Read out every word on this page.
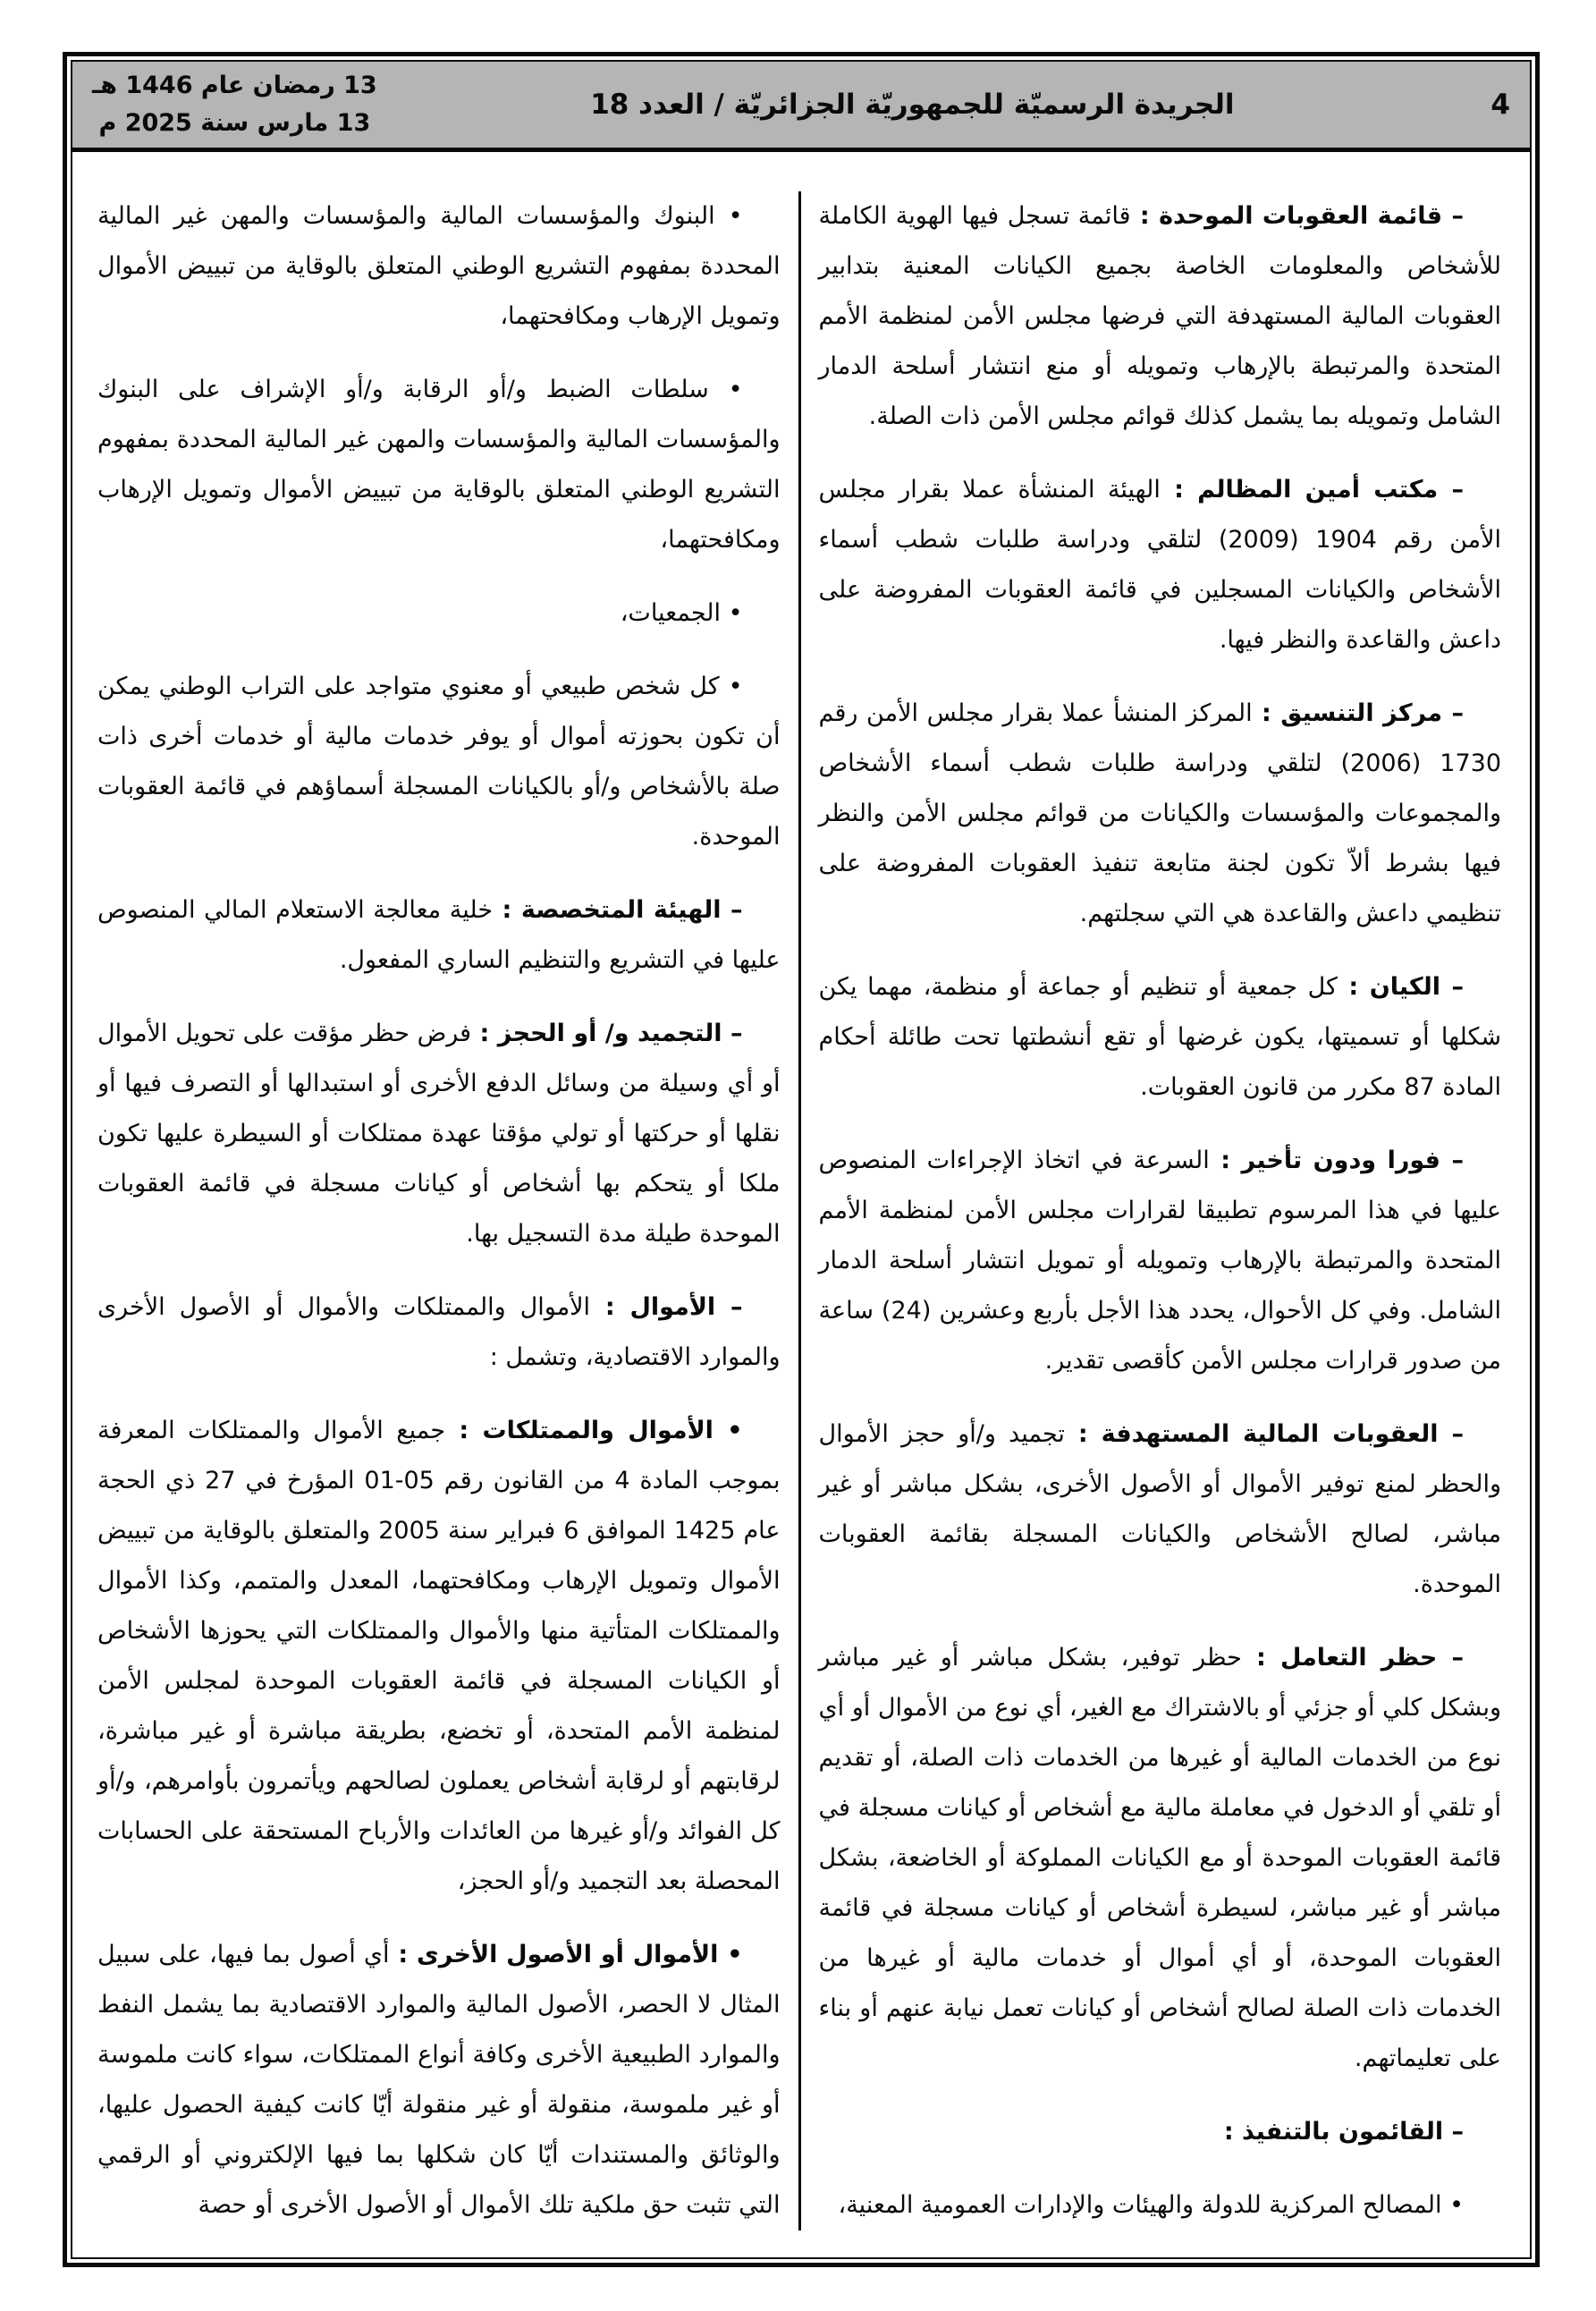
4
الجريدة الرسميّة للجمهوريّة الجزائريّة / العدد 18
13 رمضان عام 1446 هـ
13 مارس سنة 2025 م

– قائمة العقوبات الموحدة : قائمة تسجل فيها الهوية الكاملة للأشخاص والمعلومات الخاصة بجميع الكيانات المعنية بتدابير العقوبات المالية المستهدفة التي فرضها مجلس الأمن لمنظمة الأمم المتحدة والمرتبطة بالإرهاب وتمويله أو منع انتشار أسلحة الدمار الشامل وتمويله بما يشمل كذلك قوائم مجلس الأمن ذات الصلة.

– مكتب أمين المظالم : الهيئة المنشأة عملا بقرار مجلس الأمن رقم 1904 (2009) لتلقي ودراسة طلبات شطب أسماء الأشخاص والكيانات المسجلين في قائمة العقوبات المفروضة على داعش والقاعدة والنظر فيها.

– مركز التنسيق : المركز المنشأ عملا بقرار مجلس الأمن رقم 1730 (2006) لتلقي ودراسة طلبات شطب أسماء الأشخاص والمجموعات والمؤسسات والكيانات من قوائم مجلس الأمن والنظر فيها بشرط ألاّ تكون لجنة متابعة تنفيذ العقوبات المفروضة على تنظيمي داعش والقاعدة هي التي سجلتهم.

– الكيان : كل جمعية أو تنظيم أو جماعة أو منظمة، مهما يكن شكلها أو تسميتها، يكون غرضها أو تقع أنشطتها تحت طائلة أحكام المادة 87 مكرر من قانون العقوبات.

– فورا ودون تأخير : السرعة في اتخاذ الإجراءات المنصوص عليها في هذا المرسوم تطبيقا لقرارات مجلس الأمن لمنظمة الأمم المتحدة والمرتبطة بالإرهاب وتمويله أو تمويل انتشار أسلحة الدمار الشامل. وفي كل الأحوال، يحدد هذا الأجل بأربع وعشرين (24) ساعة من صدور قرارات مجلس الأمن كأقصى تقدير.

– العقوبات المالية المستهدفة : تجميد و/أو حجز الأموال والحظر لمنع توفير الأموال أو الأصول الأخرى، بشكل مباشر أو غير مباشر، لصالح الأشخاص والكيانات المسجلة بقائمة العقوبات الموحدة.

– حظر التعامل : حظر توفير، بشكل مباشر أو غير مباشر وبشكل كلي أو جزئي أو بالاشتراك مع الغير، أي نوع من الأموال أو أي نوع من الخدمات المالية أو غيرها من الخدمات ذات الصلة، أو تقديم أو تلقي أو الدخول في معاملة مالية مع أشخاص أو كيانات مسجلة في قائمة العقوبات الموحدة أو مع الكيانات المملوكة أو الخاضعة، بشكل مباشر أو غير مباشر، لسيطرة أشخاص أو كيانات مسجلة في قائمة العقوبات الموحدة، أو أي أموال أو خدمات مالية أو غيرها من الخدمات ذات الصلة لصالح أشخاص أو كيانات تعمل نيابة عنهم أو بناء على تعليماتهم.

– القائمون بالتنفيذ :

• المصالح المركزية للدولة والهيئات والإدارات العمومية المعنية،

• البنوك والمؤسسات المالية والمؤسسات والمهن غير المالية المحددة بمفهوم التشريع الوطني المتعلق بالوقاية من تبييض الأموال وتمويل الإرهاب ومكافحتهما،

• سلطات الضبط و/أو الرقابة و/أو الإشراف على البنوك والمؤسسات المالية والمؤسسات والمهن غير المالية المحددة بمفهوم التشريع الوطني المتعلق بالوقاية من تبييض الأموال وتمويل الإرهاب ومكافحتهما،

• الجمعيات،

• كل شخص طبيعي أو معنوي متواجد على التراب الوطني يمكن أن تكون بحوزته أموال أو يوفر خدمات مالية أو خدمات أخرى ذات صلة بالأشخاص و/أو بالكيانات المسجلة أسماؤهم في قائمة العقوبات الموحدة.

– الهيئة المتخصصة : خلية معالجة الاستعلام المالي المنصوص عليها في التشريع والتنظيم الساري المفعول.

– التجميد و/ أو الحجز : فرض حظر مؤقت على تحويل الأموال أو أي وسيلة من وسائل الدفع الأخرى أو استبدالها أو التصرف فيها أو نقلها أو حركتها أو تولي مؤقتا عهدة ممتلكات أو السيطرة عليها تكون ملكا أو يتحكم بها أشخاص أو كيانات مسجلة في قائمة العقوبات الموحدة طيلة مدة التسجيل بها.

– الأموال : الأموال والممتلكات والأموال أو الأصول الأخرى والموارد الاقتصادية، وتشمل :

• الأموال والممتلكات : جميع الأموال والممتلكات المعرفة بموجب المادة 4 من القانون رقم 05-01 المؤرخ في 27 ذي الحجة عام 1425 الموافق 6 فبراير سنة 2005 والمتعلق بالوقاية من تبييض الأموال وتمويل الإرهاب ومكافحتهما، المعدل والمتمم، وكذا الأموال والممتلكات المتأتية منها والأموال والممتلكات التي يحوزها الأشخاص أو الكيانات المسجلة في قائمة العقوبات الموحدة لمجلس الأمن لمنظمة الأمم المتحدة، أو تخضع، بطريقة مباشرة أو غير مباشرة، لرقابتهم أو لرقابة أشخاص يعملون لصالحهم ويأتمرون بأوامرهم، و/أو كل الفوائد و/أو غيرها من العائدات والأرباح المستحقة على الحسابات المحصلة بعد التجميد و/أو الحجز،

• الأموال أو الأصول الأخرى : أي أصول بما فيها، على سبيل المثال لا الحصر، الأصول المالية والموارد الاقتصادية بما يشمل النفط والموارد الطبيعية الأخرى وكافة أنواع الممتلكات، سواء كانت ملموسة أو غير ملموسة، منقولة أو غير منقولة أيّا كانت كيفية الحصول عليها، والوثائق والمستندات أيّا كان شكلها بما فيها الإلكتروني أو الرقمي التي تثبت حق ملكية تلك الأموال أو الأصول الأخرى أو حصة
